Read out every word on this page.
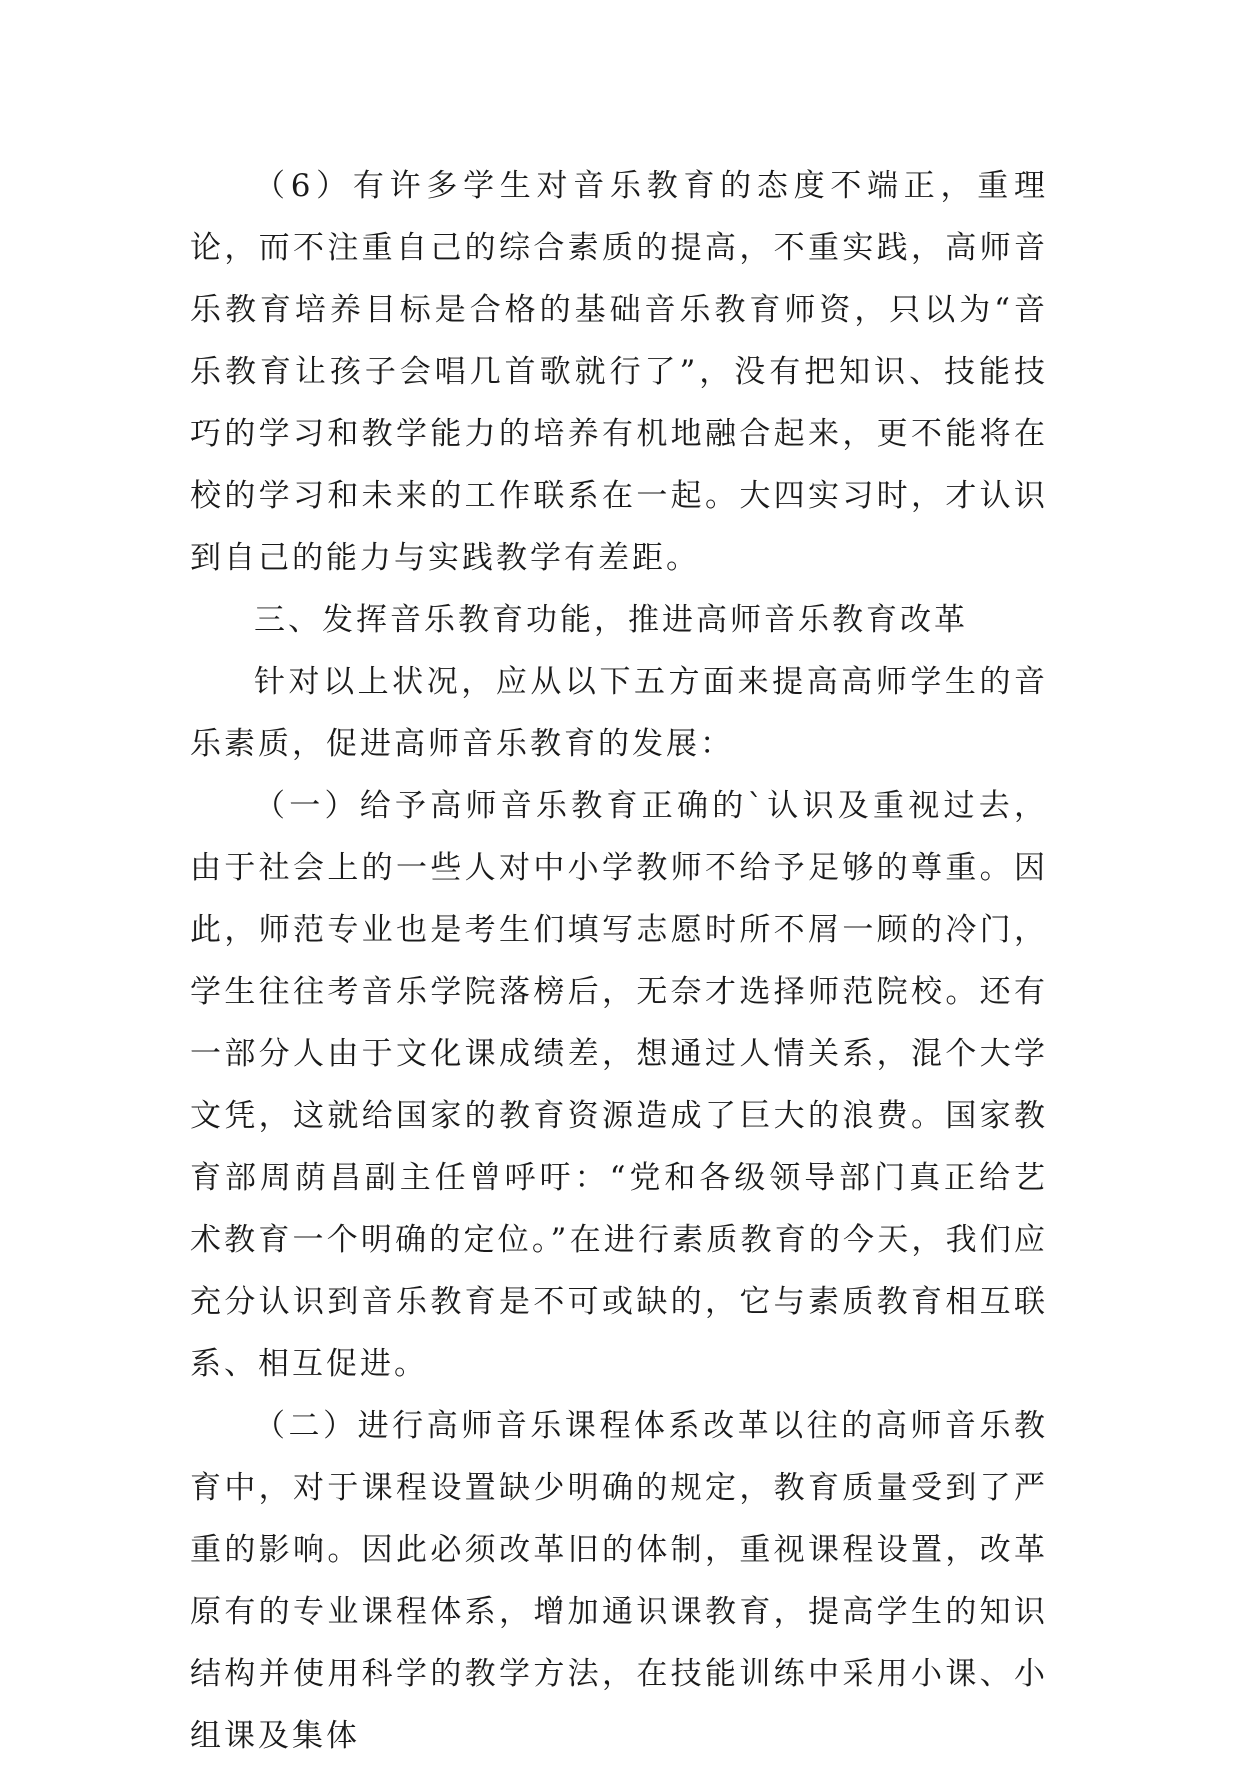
（6）有许多学生对音乐教育的态度不端正，重理论，而不注重自己的综合素质的提高，不重实践，高师音乐教育培养目标是合格的基础音乐教育师资，只以为“音乐教育让孩子会唱几首歌就行了”，没有把知识、技能技巧的学习和教学能力的培养有机地融合起来，更不能将在校的学习和未来的工作联系在一起。大四实习时，才认识到自己的能力与实践教学有差距。

三、发挥音乐教育功能，推进高师音乐教育改革

针对以上状况，应从以下五方面来提高高师学生的音乐素质，促进高师音乐教育的发展：

（一）给予高师音乐教育正确的`认识及重视过去，由于社会上的一些人对中小学教师不给予足够的尊重。因此，师范专业也是考生们填写志愿时所不屑一顾的冷门，学生往往考音乐学院落榜后，无奈才选择师范院校。还有一部分人由于文化课成绩差，想通过人情关系，混个大学文凭，这就给国家的教育资源造成了巨大的浪费。国家教育部周荫昌副主任曾呼吁：“党和各级领导部门真正给艺术教育一个明确的定位。”在进行素质教育的今天，我们应充分认识到音乐教育是不可或缺的，它与素质教育相互联系、相互促进。

（二）进行高师音乐课程体系改革以往的高师音乐教育中，对于课程设置缺少明确的规定，教育质量受到了严重的影响。因此必须改革旧的体制，重视课程设置，改革原有的专业课程体系，增加通识课教育，提高学生的知识结构并使用科学的教学方法，在技能训练中采用小课、小组课及集体
